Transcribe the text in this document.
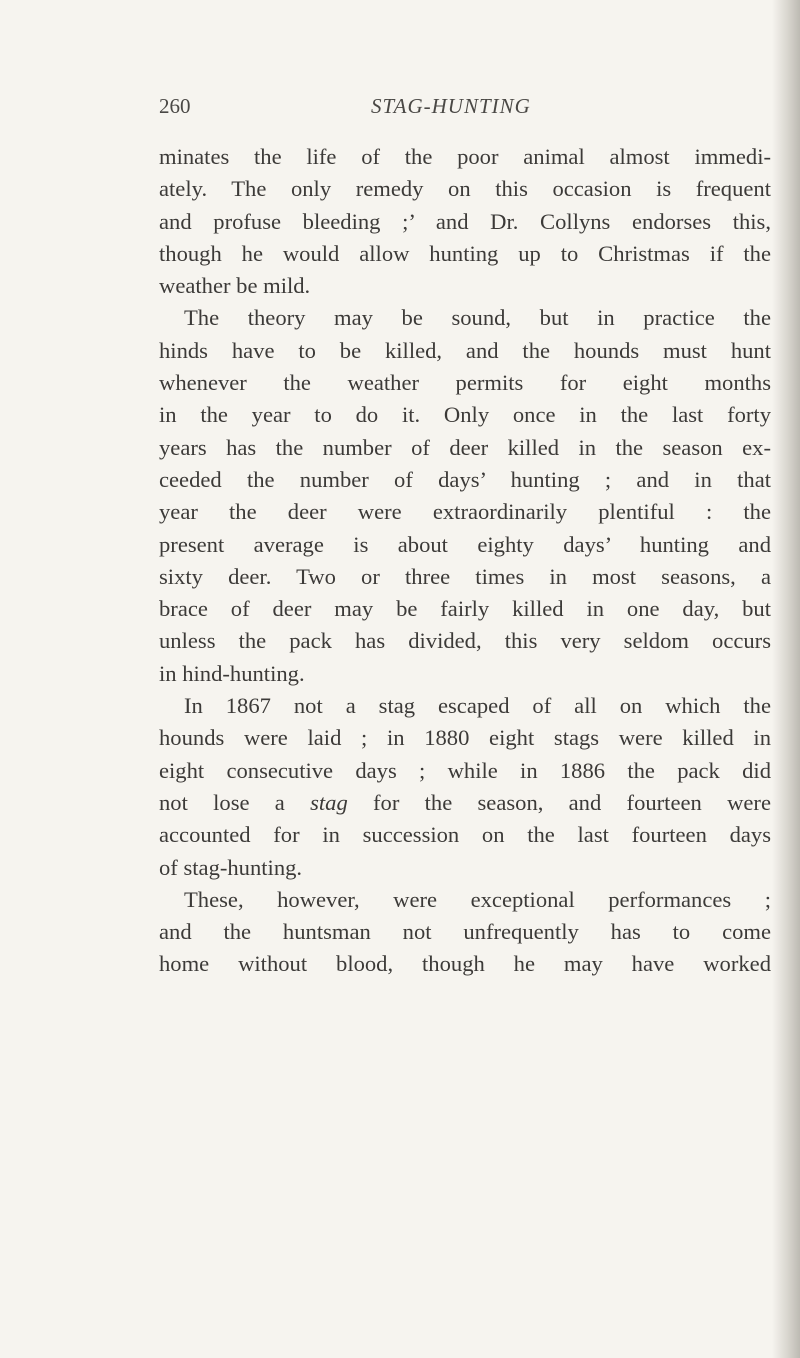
260	STAG-HUNTING
minates the life of the poor animal almost immedi-
ately. The only remedy on this occasion is frequent
and profuse bleeding ;’ and Dr. Collyns endorses this,
though he would allow hunting up to Christmas if the
weather be mild.
The theory may be sound, but in practice the
hinds have to be killed, and the hounds must hunt
whenever the weather permits for eight months
in the year to do it. Only once in the last forty
years has the number of deer killed in the season ex-
ceeded the number of days’ hunting ; and in that
year the deer were extraordinarily plentiful : the
present average is about eighty days’ hunting and
sixty deer. Two or three times in most seasons, a
brace of deer may be fairly killed in one day, but
unless the pack has divided, this very seldom occurs
in hind-hunting.
In 1867 not a stag escaped of all on which the
hounds were laid ; in 1880 eight stags were killed in
eight consecutive days ; while in 1886 the pack did
not lose a stag for the season, and fourteen were
accounted for in succession on the last fourteen days
of stag-hunting.
These, however, were exceptional performances ;
and the huntsman not unfrequently has to come
home without blood, though he may have worked
